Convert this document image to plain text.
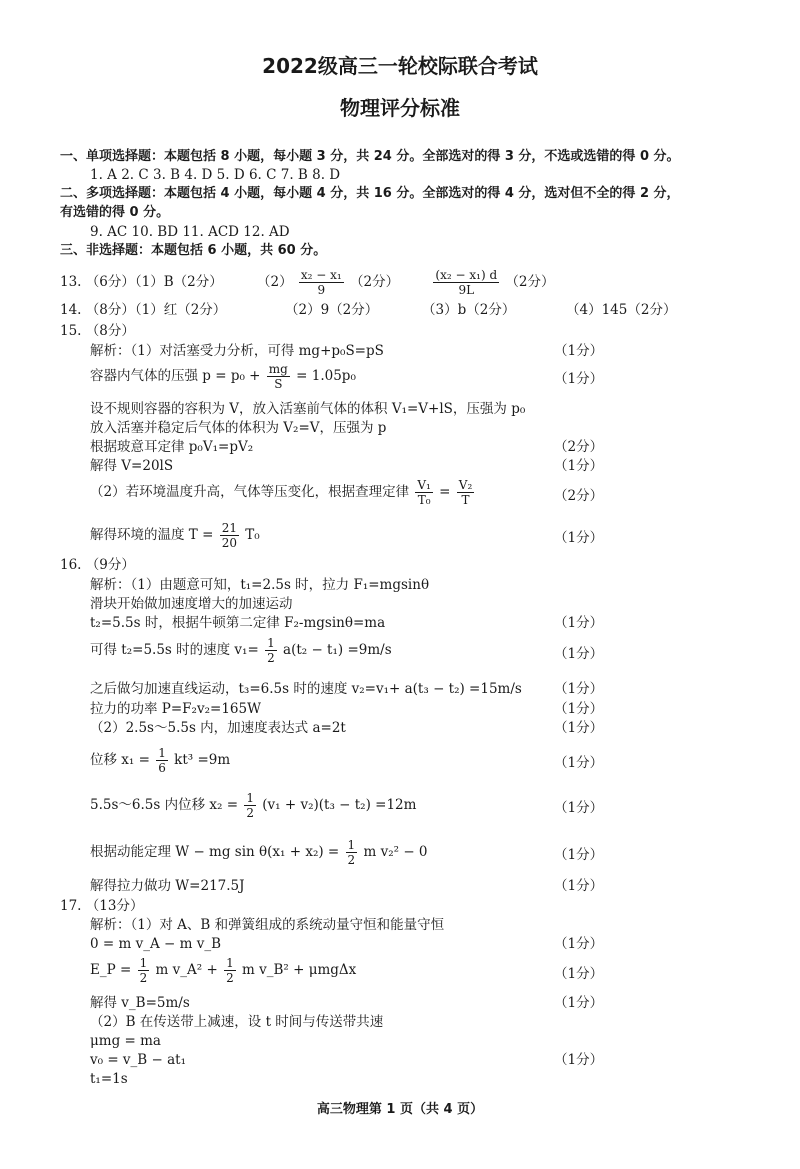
2022级高三一轮校际联合考试
物理评分标准
一、单项选择题：本题包括 8 小题，每小题 3 分，共 24 分。全部选对的得 3 分，不选或选错的得 0 分。
1. A 2. C 3. B 4. D 5. D 6. C 7. B 8. D
二、多项选择题：本题包括 4 小题，每小题 4 分，共 16 分。全部选对的得 4 分，选对但不全的得 2 分，
有选错的得 0 分。
9. AC 10. BD 11. ACD 12. AD
三、非选择题：本题包括 6 小题，共 60 分。
13. （6分）（1）B（2分）	$(2) \frac{\text{x₂ − x₁}}{9} (2$分）	$\frac{\text{(x₂ − x₁) d}}{9L} (2$分）
14. （8分）（1）红（2分）	（2）9（2分）	（3）b（2分）	（4）145（2分）
15. （8分）
解析：（1）对活塞受力分析，可得 mg+p₀S=pS	（1分）
容器内气体的压强 $p = p_0 + \frac{mg}{S} = 1.05p_0$	（1分）
设不规则容器的容积为 V，放入活塞前气体的体积 V₁=V+lS，压强为 p₀
放入活塞并稳定后气体的体积为 V₂=V，压强为 p
根据玻意耳定律 p₀V₁=pV₂	（2分）
解得 V=20lS	（1分）
（2）若环境温度升高，气体等压变化，根据查理定律 $\frac{\text{V₁}}{\text{T₀}} = \frac{\text{V₂}}{T}$	（2分）
解得环境的温度 $T = \frac{21}{20} T_0$	（1分）
16. （9分）
解析：（1）由题意可知，t₁=2.5s 时，拉力 F₁=mgsinθ
滑块开始做加速度增大的加速运动
t₂=5.5s 时，根据牛顿第二定律 F₂-mgsinθ=ma	（1分）
可得 t₂=5.5s 时的速度 $v_1= \frac{1}{2} a(t_2 - t_1) =9m/s$	（1分）
之后做匀加速直线运动，t₃=6.5s 时的速度 v₂=v₁+ a(t₃ − t₂) =15m/s （1分）
拉力的功率 P=F₂v₂=165W	（1分）
（2）2.5s～5.5s 内，加速度表达式 a=2t	（1分）
位移 $x_1 = \frac{1}{6} kt^3 =9m$	（1分）
5.5s～6.5s 内位移 $x_2 = \frac{1}{2} (v_1 + v_2)(t_3 - t_2) =12m$	（1分）
根据动能定理 W − mg $\sin \theta(x_1 + x_2) = \frac{1}{2}$ m v₂² − 0	（1分）
解得拉力做功 W=217.5J	（1分）
17. （13分）
解析：（1）对 A、B 和弹簧组成的系统动量守恒和能量守恒
0 = m v_A − m v_B	（1分）
E_P = $\frac{1}{2}$ m v_A² + $\frac{1}{2}$ m v_B² + μmgΔx	（1分）
解得 v_B=5m/s	（1分）
（2）B 在传送带上减速，设 t 时间与传送带共速
μmg = ma
v₀ = v_B − at₁	（1分）
t₁=1s
高三物理第 1 页（共 4 页）
